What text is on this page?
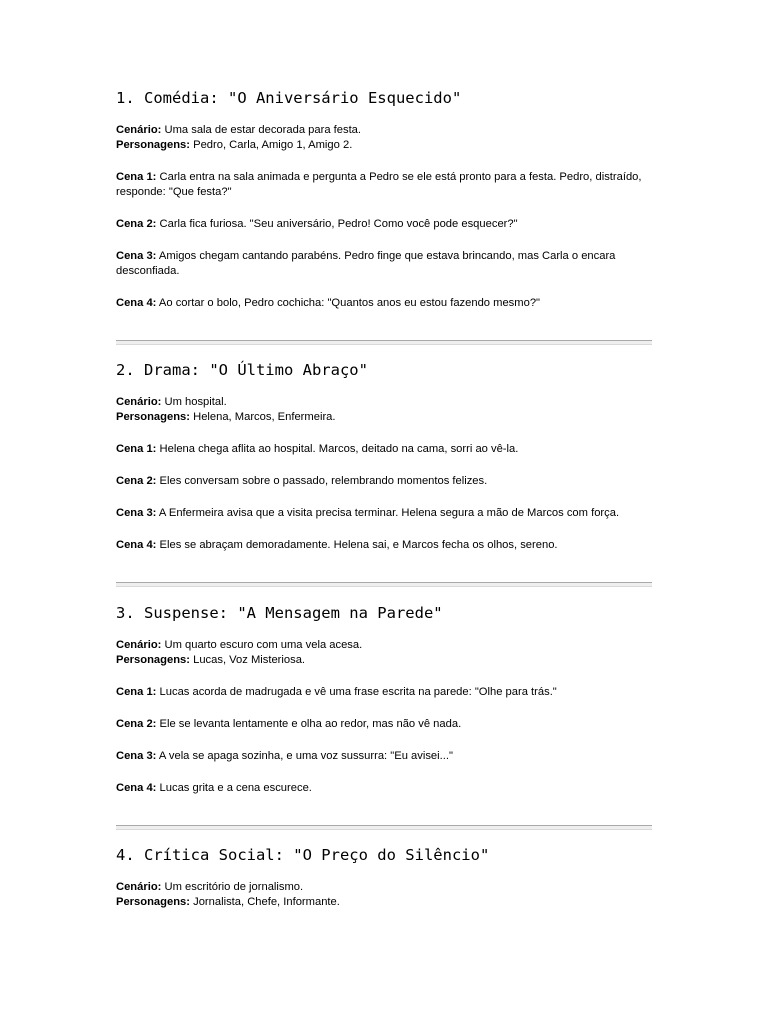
1. Comédia: "O Aniversário Esquecido"

Cenário: Uma sala de estar decorada para festa.

Personagens: Pedro, Carla, Amigo 1, Amigo 2.

Cena 1: Carla entra na sala animada e pergunta a Pedro se ele está pronto para a festa. Pedro, distraído, responde: "Que festa?"

Cena 2: Carla fica furiosa. "Seu aniversário, Pedro! Como você pode esquecer?"

Cena 3: Amigos chegam cantando parabéns. Pedro finge que estava brincando, mas Carla o encara desconfiada.

Cena 4: Ao cortar o bolo, Pedro cochicha: "Quantos anos eu estou fazendo mesmo?"

2. Drama: "O Último Abraço"

Cenário: Um hospital.

Personagens: Helena, Marcos, Enfermeira.

Cena 1: Helena chega aflita ao hospital. Marcos, deitado na cama, sorri ao vê-la.

Cena 2: Eles conversam sobre o passado, relembrando momentos felizes.

Cena 3: A Enfermeira avisa que a visita precisa terminar. Helena segura a mão de Marcos com força.

Cena 4: Eles se abraçam demoradamente. Helena sai, e Marcos fecha os olhos, sereno.

3. Suspense: "A Mensagem na Parede"

Cenário: Um quarto escuro com uma vela acesa.

Personagens: Lucas, Voz Misteriosa.

Cena 1: Lucas acorda de madrugada e vê uma frase escrita na parede: "Olhe para trás."

Cena 2: Ele se levanta lentamente e olha ao redor, mas não vê nada.

Cena 3: A vela se apaga sozinha, e uma voz sussurra: "Eu avisei..."

Cena 4: Lucas grita e a cena escurece.

4. Crítica Social: "O Preço do Silêncio"

Cenário: Um escritório de jornalismo.

Personagens: Jornalista, Chefe, Informante.
